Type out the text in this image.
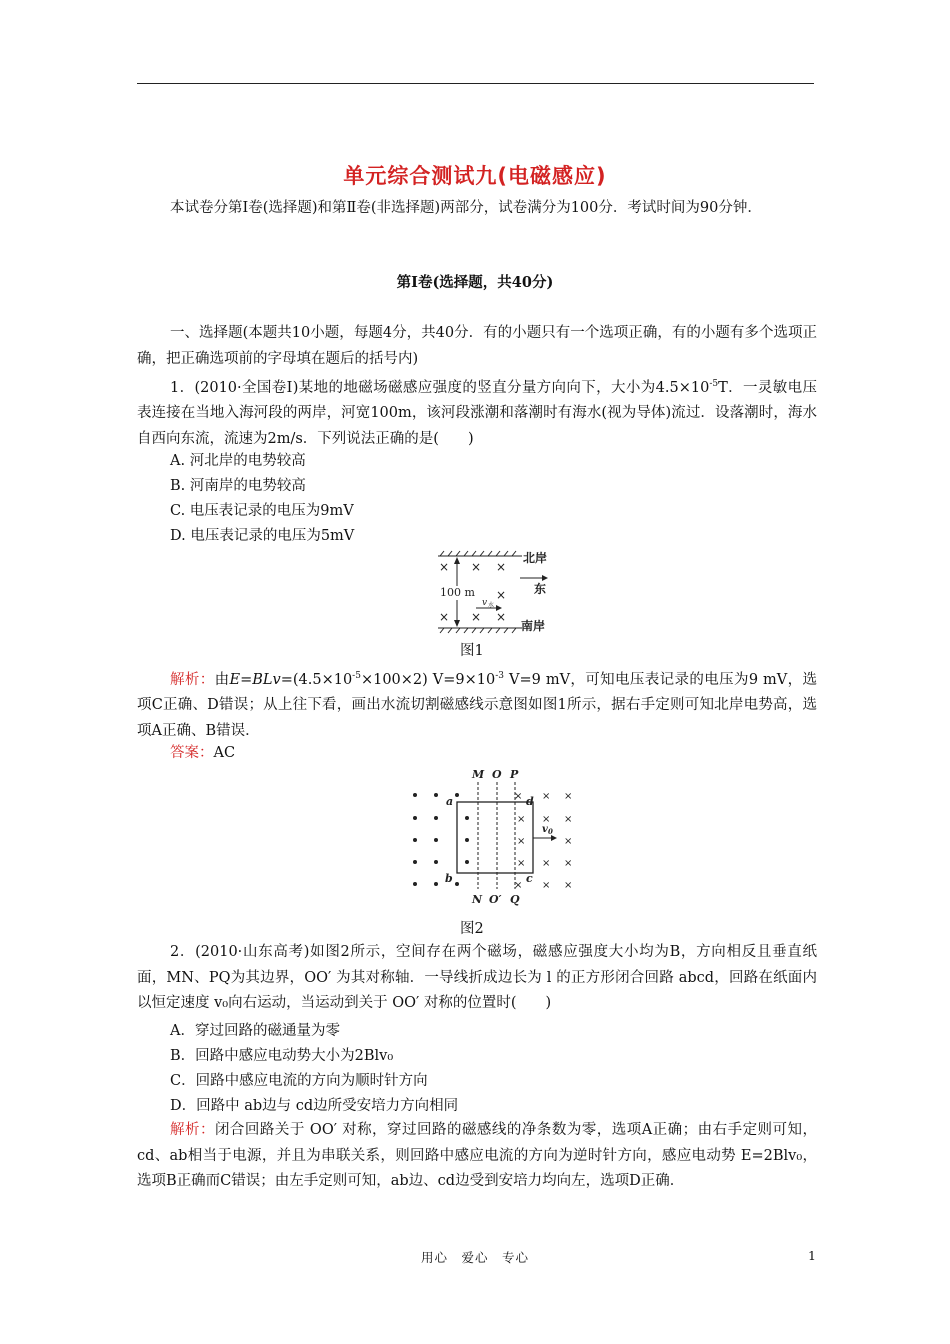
单元综合测试九(电磁感应)
本试卷分第Ⅰ卷(选择题)和第Ⅱ卷(非选择题)两部分，试卷满分为100分．考试时间为90分钟．
第Ⅰ卷(选择题，共40分)
一、选择题(本题共10小题，每题4分，共40分．有的小题只有一个选项正确，有的小题有多个选项正确，把正确选项前的字母填在题后的括号内)
1．(2010·全国卷Ⅰ)某地的地磁场磁感应强度的竖直分量方向向下，大小为$4.5\times 10^{-5}T$．一灵敏电压表连接在当地入海河段的两岸，河宽100m，该河段涨潮和落潮时有海水(视为导体)流过．设落潮时，海水自西向东流，流速为2m/s．下列说法正确的是(　　)
A. 河北岸的电势较高
B. 河南岸的电势较高
C. 电压表记录的电压为9mV
D. 电压表记录的电压为5mV
× × ×
× × ×
×
100 m
v 水
北岸
东
南岸
图1
解析：由$E=BLv=(4.5\times 10^{-5}\times 100\times 2)$ $V=9\times 10^{-3}$ V=9 mV，可知电压表记录的电压为9 mV，选项C正确、D错误；从上往下看，画出水流切割磁感线示意图如图1所示，据右手定则可知北岸电势高，选项A正确、B错误．
答案：AC
× × ×
× × ×
×	×
× × ×
× × ×
M O P
N O′ Q
a
b	c
d
v 0
图2
2．(2010·山东高考)如图2所示，空间存在两个磁场，磁感应强度大小均为B，方向相反且垂直纸面，MN、PQ为其边界，OO′ 为其对称轴．一导线折成边长为 l 的正方形闭合回路 abcd，回路在纸面内以恒定速度 v₀向右运动，当运动到关于 OO′ 对称的位置时(　　)
A．穿过回路的磁通量为零
B．回路中感应电动势大小为2Blv₀
C．回路中感应电流的方向为顺时针方向
D．回路中 ab边与 cd边所受安培力方向相同
解析：闭合回路关于 OO′ 对称，穿过回路的磁感线的净条数为零，选项A正确；由右手定则可知，cd、ab相当于电源，并且为串联关系，则回路中感应电流的方向为逆时针方向，感应电动势 E=2Blv₀，选项B正确而C错误；由左手定则可知，ab边、cd边受到安培力均向左，选项D正确．
用心　爱心　专心	1
